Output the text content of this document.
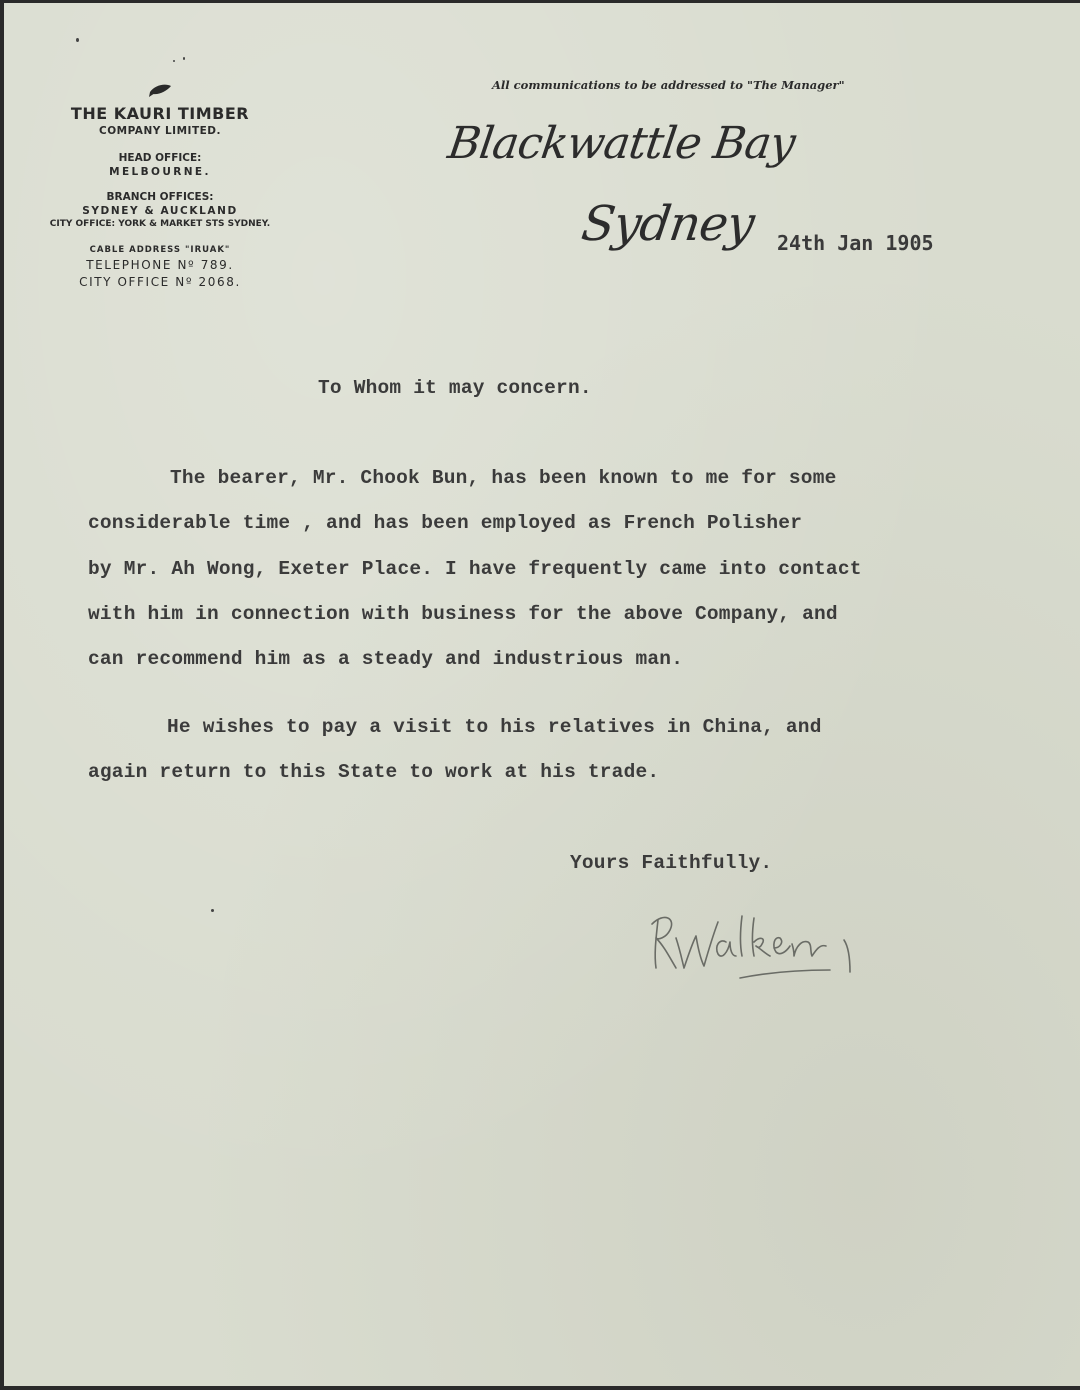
THE KAURI TIMBER
COMPANY LIMITED.
HEAD OFFICE:
MELBOURNE.
BRANCH OFFICES:
SYDNEY & AUCKLAND
CITY OFFICE: YORK & MARKET STS SYDNEY.
CABLE ADDRESS "IRUAK"
TELEPHONE Nº 789.
CITY OFFICE Nº 2068.
All communications to be addressed to "The Manager"
Blackwattle Bay
Sydney 24th Jan 1905
To Whom it may concern.
The bearer, Mr. Chook Bun, has been known to me for some
considerable time , and has been employed as French Polisher
by Mr. Ah Wong, Exeter Place. I have frequently came into contact
with him in connection with business for the above Company, and
can recommend him as a steady and industrious man.
He wishes to pay a visit to his relatives in China, and
again return to this State to work at his trade.
Yours Faithfully.
